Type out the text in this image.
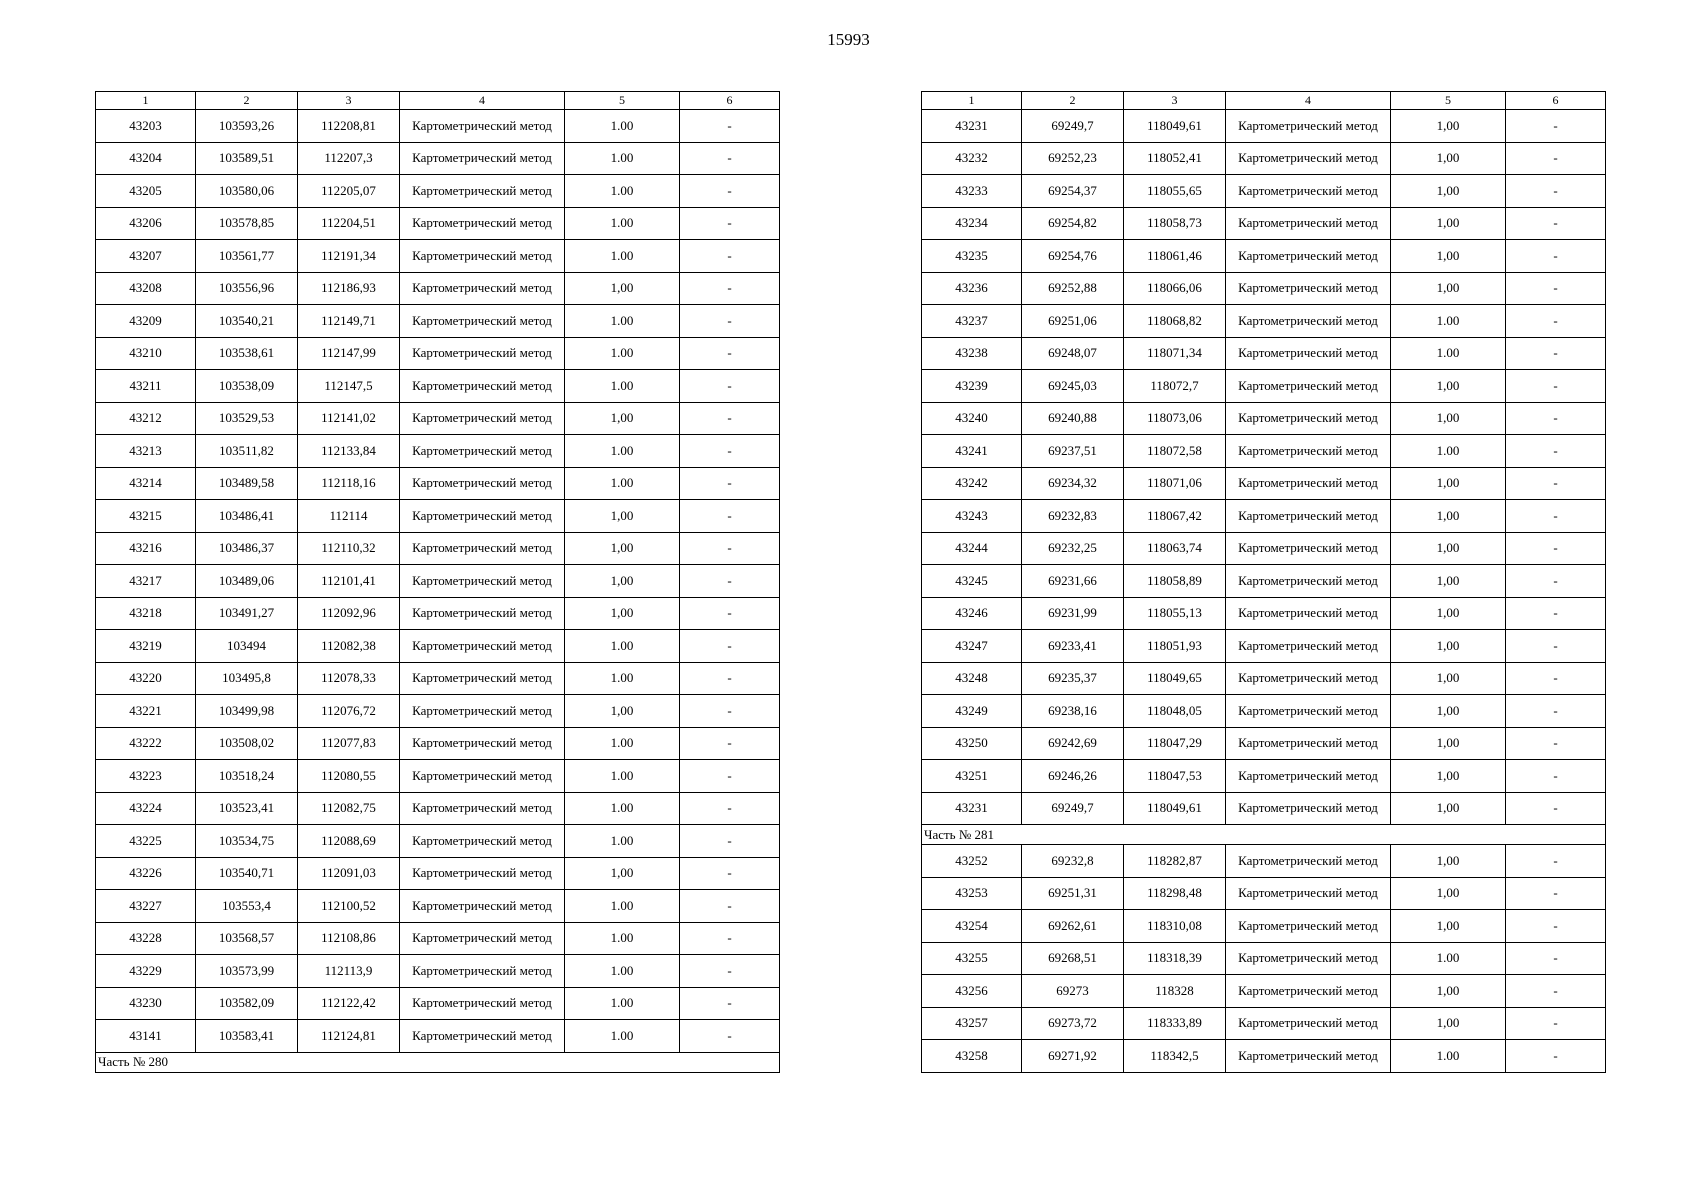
15993
1	2	3	4	5	6
43203	103593,26	112208,81	Картометрический метод	1.00	-
43204	103589,51	112207,3	Картометрический метод	1.00	-
43205	103580,06	112205,07	Картометрический метод	1.00	-
43206	103578,85	112204,51	Картометрический метод	1.00	-
43207	103561,77	112191,34	Картометрический метод	1.00	-
43208	103556,96	112186,93	Картометрический метод	1,00	-
43209	103540,21	112149,71	Картометрический метод	1.00	-
43210	103538,61	112147,99	Картометрический метод	1.00	-
43211	103538,09	112147,5	Картометрический метод	1.00	-
43212	103529,53	112141,02	Картометрический метод	1,00	-
43213	103511,82	112133,84	Картометрический метод	1.00	-
43214	103489,58	112118,16	Картометрический метод	1.00	-
43215	103486,41	112114	Картометрический метод	1,00	-
43216	103486,37	112110,32	Картометрический метод	1,00	-
43217	103489,06	112101,41	Картометрический метод	1,00	-
43218	103491,27	112092,96	Картометрический метод	1,00	-
43219	103494	112082,38	Картометрический метод	1.00	-
43220	103495,8	112078,33	Картометрический метод	1.00	-
43221	103499,98	112076,72	Картометрический метод	1,00	-
43222	103508,02	112077,83	Картометрический метод	1.00	-
43223	103518,24	112080,55	Картометрический метод	1.00	-
43224	103523,41	112082,75	Картометрический метод	1.00	-
43225	103534,75	112088,69	Картометрический метод	1.00	-
43226	103540,71	112091,03	Картометрический метод	1,00	-
43227	103553,4	112100,52	Картометрический метод	1.00	-
43228	103568,57	112108,86	Картометрический метод	1.00	-
43229	103573,99	112113,9	Картометрический метод	1.00	-
43230	103582,09	112122,42	Картометрический метод	1.00	-
43141	103583,41	112124,81	Картометрический метод	1.00	-
Часть № 280					
1	2	3	4	5	6
43231	69249,7	118049,61	Картометрический метод	1,00	-
43232	69252,23	118052,41	Картометрический метод	1,00	-
43233	69254,37	118055,65	Картометрический метод	1,00	-
43234	69254,82	118058,73	Картометрический метод	1,00	-
43235	69254,76	118061,46	Картометрический метод	1,00	-
43236	69252,88	118066,06	Картометрический метод	1,00	-
43237	69251,06	118068,82	Картометрический метод	1.00	-
43238	69248,07	118071,34	Картометрический метод	1.00	-
43239	69245,03	118072,7	Картометрический метод	1,00	-
43240	69240,88	118073,06	Картометрический метод	1,00	-
43241	69237,51	118072,58	Картометрический метод	1.00	-
43242	69234,32	118071,06	Картометрический метод	1,00	-
43243	69232,83	118067,42	Картометрический метод	1,00	-
43244	69232,25	118063,74	Картометрический метод	1,00	-
43245	69231,66	118058,89	Картометрический метод	1,00	-
43246	69231,99	118055,13	Картометрический метод	1,00	-
43247	69233,41	118051,93	Картометрический метод	1,00	-
43248	69235,37	118049,65	Картометрический метод	1,00	-
43249	69238,16	118048,05	Картометрический метод	1,00	-
43250	69242,69	118047,29	Картометрический метод	1,00	-
43251	69246,26	118047,53	Картометрический метод	1,00	-
43231	69249,7	118049,61	Картометрический метод	1,00	-
Часть № 281					
43252	69232,8	118282,87	Картометрический метод	1,00	-
43253	69251,31	118298,48	Картометрический метод	1,00	-
43254	69262,61	118310,08	Картометрический метод	1,00	-
43255	69268,51	118318,39	Картометрический метод	1.00	-
43256	69273	118328	Картометрический метод	1,00	-
43257	69273,72	118333,89	Картометрический метод	1,00	-
43258	69271,92	118342,5	Картометрический метод	1.00	-
